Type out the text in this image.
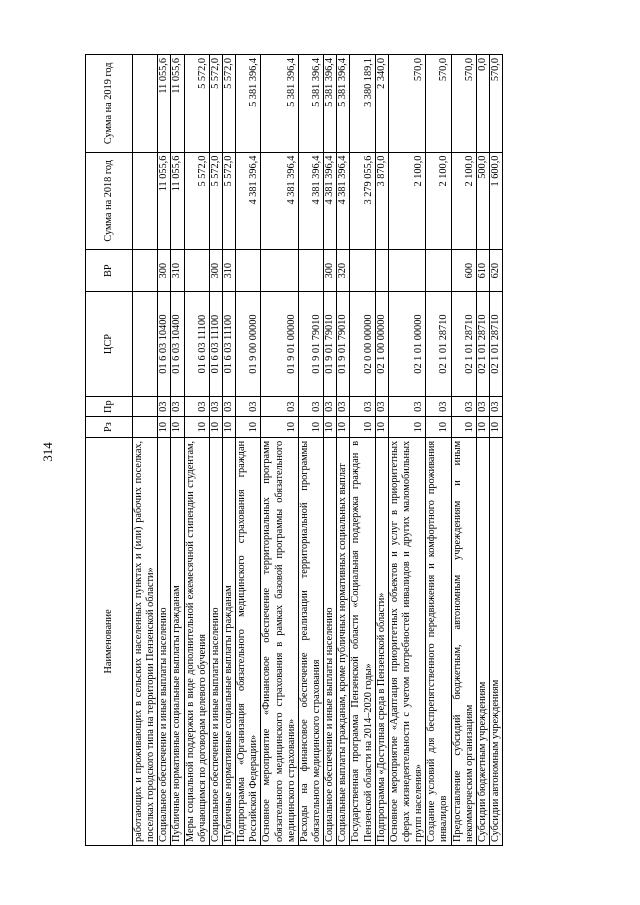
314
Наименование	Рз	Пр	ЦСР	ВР	Сумма на 2018 год	Сумма на 2019 год
работающих и проживающих в сельских населенных пунктах и (или) рабочих поселках, поселках городского типа на территории Пензенской области»						
Социальное обеспечение и иные выплаты населению	10	03	01 6 03 10400	300	11 055,6	11 055,6
Публичные нормативные социальные выплаты гражданам	10	03	01 6 03 10400	310	11 055,6	11 055,6
Меры социальной поддержки в виде дополнительной ежемесячной стипендии студентам, обучающимся по договорам целевого обучения	10	03	01 6 03 11100		5 572,0	5 572,0
Социальное обеспечение и иные выплаты населению	10	03	01 6 03 11100	300	5 572,0	5 572,0
Публичные нормативные социальные выплаты гражданам	10	03	01 6 03 11100	310	5 572,0	5 572,0
Подпрограмма «Организация обязательного медицинского страхования граждан Российской Федерации»	10	03	01 9 00 00000		4 381 396,4	5 381 396,4
Основное мероприятие «Финансовое обеспечение территориальных программ обязательного медицинского страхования в рамках базовой программы обязательного медицинского страхования»	10	03	01 9 01 00000		4 381 396,4	5 381 396,4
Расходы на финансовое обеспечение реализации территориальной программы обязательного медицинского страхования	10	03	01 9 01 79010		4 381 396,4	5 381 396,4
Социальное обеспечение и иные выплаты населению	10	03	01 9 01 79010	300	4 381 396,4	5 381 396,4
Социальные выплаты гражданам, кроме публичных нормативных социальных выплат	10	03	01 9 01 79010	320	4 381 396,4	5 381 396,4
Государственная программа Пензенской области «Социальная поддержка граждан в Пензенской области на 2014–2020 годы»	10	03	02 0 00 00000		3 279 055,6	3 380 189,1
Подпрограмма «Доступная среда в Пензенской области»	10	03	02 1 00 00000		3 870,0	2 340,0
Основное мероприятие «Адаптация приоритетных объектов и услуг в приоритетных сферах жизнедеятельности с учетом потребностей инвалидов и других маломобильных групп населения»	10	03	02 1 01 00000		2 100,0	570,0
Создание условий для беспрепятственного передвижения и комфортного проживания инвалидов	10	03	02 1 01 28710		2 100,0	570,0
Предоставление субсидий бюджетным, автономным учреждениям и иным некоммерческим организациям	10	03	02 1 01 28710	600	2 100,0	570,0
Субсидии бюджетным учреждениям	10	03	02 1 01 28710	610	500,0	0,0
Субсидии автономным учреждениям	10	03	02 1 01 28710	620	1 600,0	570,0
